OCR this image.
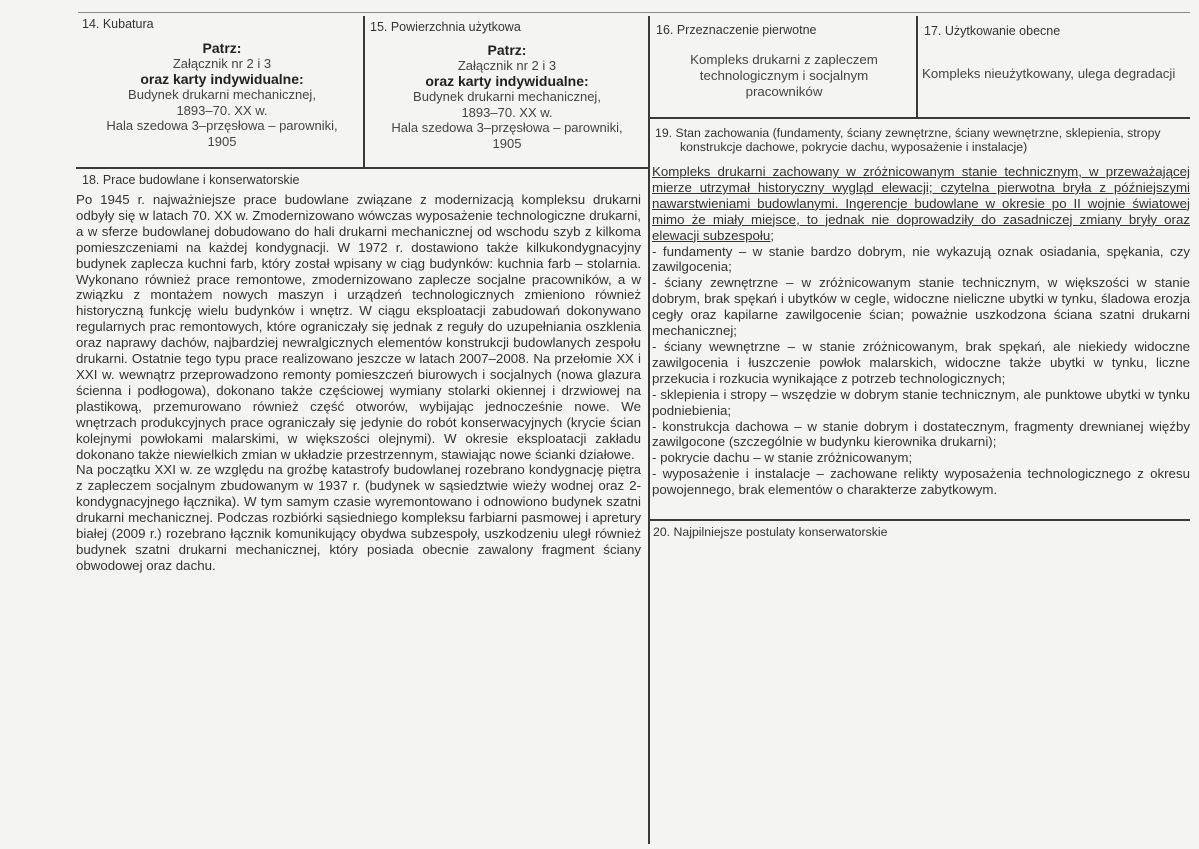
14. Kubatura
Patrz:
Załącznik nr 2 i 3
oraz karty indywidualne:
Budynek drukarni mechanicznej,
1893–70. XX w.
Hala szedowa 3–przęsłowa – parowniki,
1905
15. Powierzchnia użytkowa
Patrz:
Załącznik nr 2 i 3
oraz karty indywidualne:
Budynek drukarni mechanicznej,
1893–70. XX w.
Hala szedowa 3–przęsłowa – parowniki,
1905
16. Przeznaczenie pierwotne
Kompleks drukarni z zapleczem
technologicznym i socjalnym
pracowników
17. Użytkowanie obecne
Kompleks nieużytkowany, ulega degradacji
18. Prace budowlane i konserwatorskie

Po 1945 r. najważniejsze prace budowlane związane z modernizacją kompleksu drukarni odbyły się w latach 70. XX w. Zmodernizowano wówczas wyposażenie technologiczne drukarni, a w sferze budowlanej dobudowano do hali drukarni mechanicznej od wschodu szyb z kilkoma pomieszczeniami na każdej kondygnacji. W 1972 r. dostawiono także kilkukondygnacyjny budynek zaplecza kuchni farb, który został wpisany w ciąg budynków: kuchnia farb – stolarnia. Wykonano również prace remontowe, zmodernizowano zaplecze socjalne pracowników, a w związku z montażem nowych maszyn i urządzeń technologicznych zmieniono również historyczną funkcję wielu budynków i wnętrz. W ciągu eksploatacji zabudowań dokonywano regularnych prac remontowych, które ograniczały się jednak z reguły do uzupełniania oszklenia oraz naprawy dachów, najbardziej newralgicznych elementów konstrukcji budowlanych zespołu drukarni. Ostatnie tego typu prace realizowano jeszcze w latach 2007–2008. Na przełomie XX i XXI w. wewnątrz przeprowadzono remonty pomieszczeń biurowych i socjalnych (nowa glazura ścienna i podłogowa), dokonano także częściowej wymiany stolarki okiennej i drzwiowej na plastikową, przemurowano również część otworów, wybijając jednocześnie nowe. We wnętrzach produkcyjnych prace ograniczały się jedynie do robót konserwacyjnych (krycie ścian kolejnymi powłokami malarskimi, w większości olejnymi). W okresie eksploatacji zakładu dokonano także niewielkich zmian w układzie przestrzennym, stawiając nowe ścianki działowe.

Na początku XXI w. ze względu na groźbę katastrofy budowlanej rozebrano kondygnację piętra z zapleczem socjalnym zbudowanym w 1937 r. (budynek w sąsiedztwie wieży wodnej oraz 2-kondygnacyjnego łącznika). W tym samym czasie wyremontowano i odnowiono budynek szatni drukarni mechanicznej. Podczas rozbiórki sąsiedniego kompleksu farbiarni pasmowej i apretury białej (2009 r.) rozebrano łącznik komunikujący obydwa subzespoły, uszkodzeniu uległ również budynek szatni drukarni mechanicznej, który posiada obecnie zawalony fragment ściany obwodowej oraz dachu.

19. Stan zachowania (fundamenty, ściany zewnętrzne, ściany wewnętrzne, sklepienia, stropy
konstrukcje dachowe, pokrycie dachu, wyposażenie i instalacje)

Kompleks drukarni zachowany w zróżnicowanym stanie technicznym, w przeważającej mierze utrzymał historyczny wygląd elewacji; czytelna pierwotna bryła z późniejszymi nawarstwieniami budowlanymi. Ingerencje budowlane w okresie po II wojnie światowej mimo że miały miejsce, to jednak nie doprowadziły do zasadniczej zmiany bryły oraz elewacji subzespołu;

- fundamenty – w stanie bardzo dobrym, nie wykazują oznak osiadania, spękania, czy zawilgocenia;

- ściany zewnętrzne – w zróżnicowanym stanie technicznym, w większości w stanie dobrym, brak spękań i ubytków w cegle, widoczne nieliczne ubytki w tynku, śladowa erozja cegły oraz kapilarne zawilgocenie ścian; poważnie uszkodzona ściana szatni drukarni mechanicznej;

- ściany wewnętrzne – w stanie zróżnicowanym, brak spękań, ale niekiedy widoczne zawilgocenia i łuszczenie powłok malarskich, widoczne także ubytki w tynku, liczne przekucia i rozkucia wynikające z potrzeb technologicznych;

- sklepienia i stropy – wszędzie w dobrym stanie technicznym, ale punktowe ubytki w tynku podniebienia;

- konstrukcja dachowa – w stanie dobrym i dostatecznym, fragmenty drewnianej więźby zawilgocone (szczególnie w budynku kierownika drukarni);

- pokrycie dachu – w stanie zróżnicowanym;

- wyposażenie i instalacje – zachowane relikty wyposażenia technologicznego z okresu powojennego, brak elementów o charakterze zabytkowym.

20. Najpilniejsze postulaty konserwatorskie
